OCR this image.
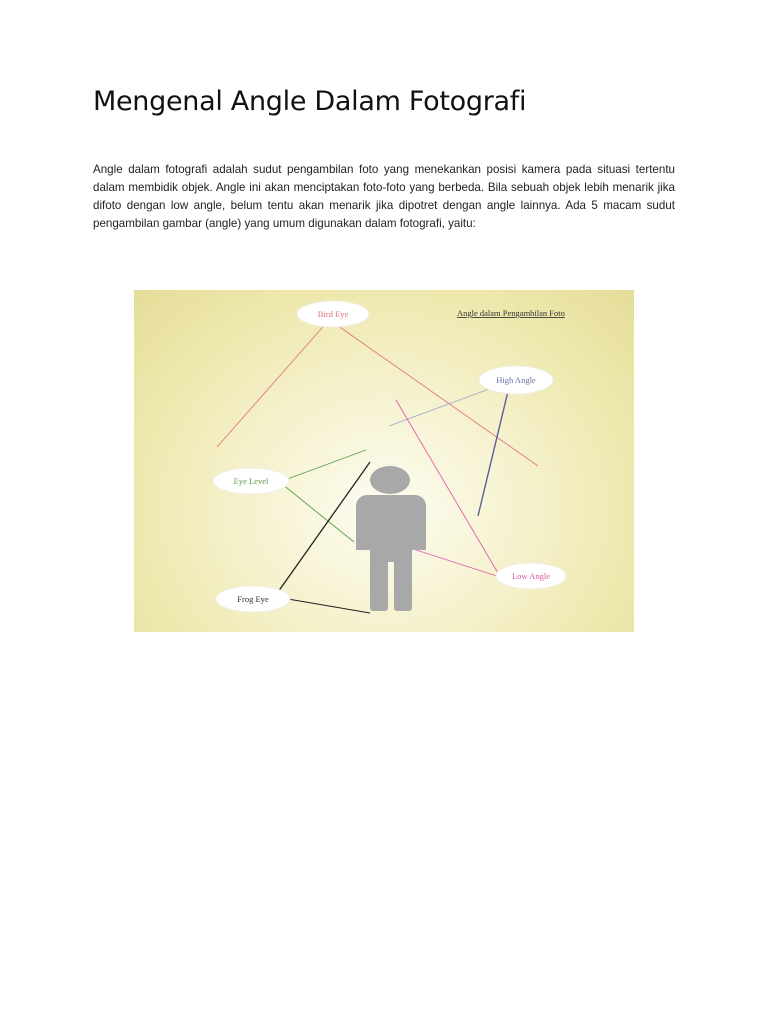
Mengenal Angle Dalam Fotografi

Angle dalam fotografi adalah sudut pengambilan foto yang menekankan posisi kamera pada situasi tertentu dalam membidik objek. Angle ini akan menciptakan foto-foto yang berbeda. Bila sebuah objek lebih menarik jika difoto dengan low angle, belum tentu akan menarik jika dipotret dengan angle lainnya. Ada 5 macam sudut pengambilan gambar (angle) yang umum digunakan dalam fotografi, yaitu:

Angle dalam Pengambilan Foto
Bird Eye
High Angle
Eye Level
Low Angle
Frog Eye
